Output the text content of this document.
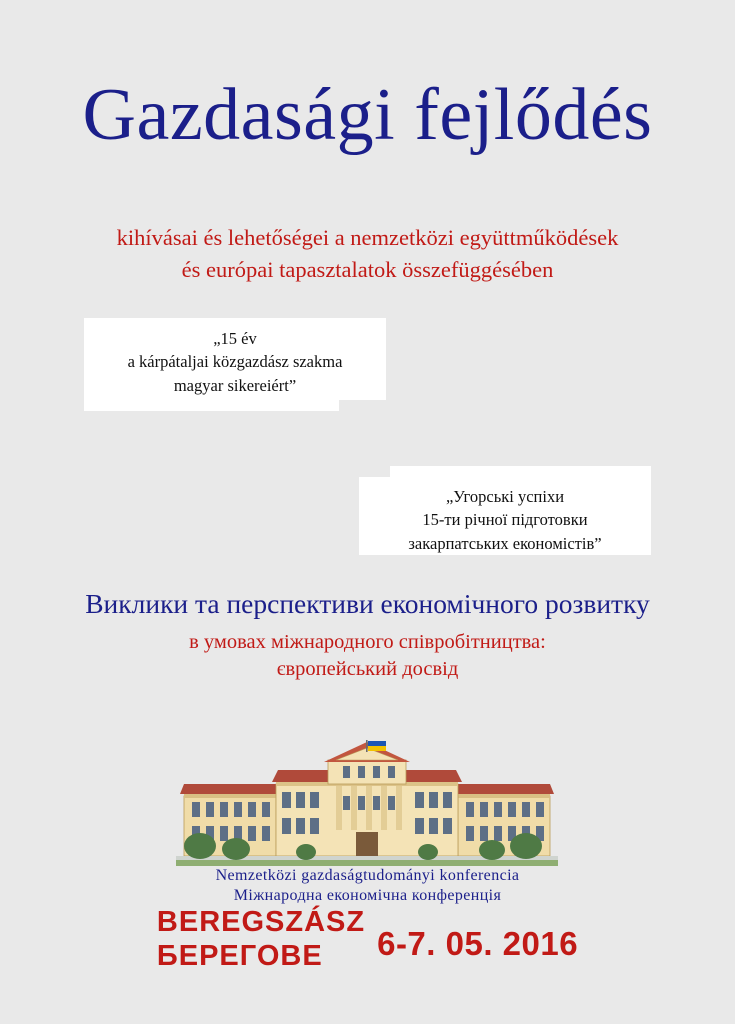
Gazdasági fejlődés
kihívásai és lehetőségei a nemzetközi együttműködések
és európai tapasztalatok összefüggésében
„15 év
a kárpátaljai közgazdász szakma
magyar sikereiért”
„Угорські успіхи
15-ти річної підготовки
закарпатських економістів”
Виклики та перспективи економічного розвитку
в умовах міжнародного співробітництва:
європейський досвід
Nemzetközi gazdaságtudományi konferencia
Міжнародна економічна конференція
BEREGSZÁSZ
БЕРЕГОВЕ	6-7. 05. 2016
